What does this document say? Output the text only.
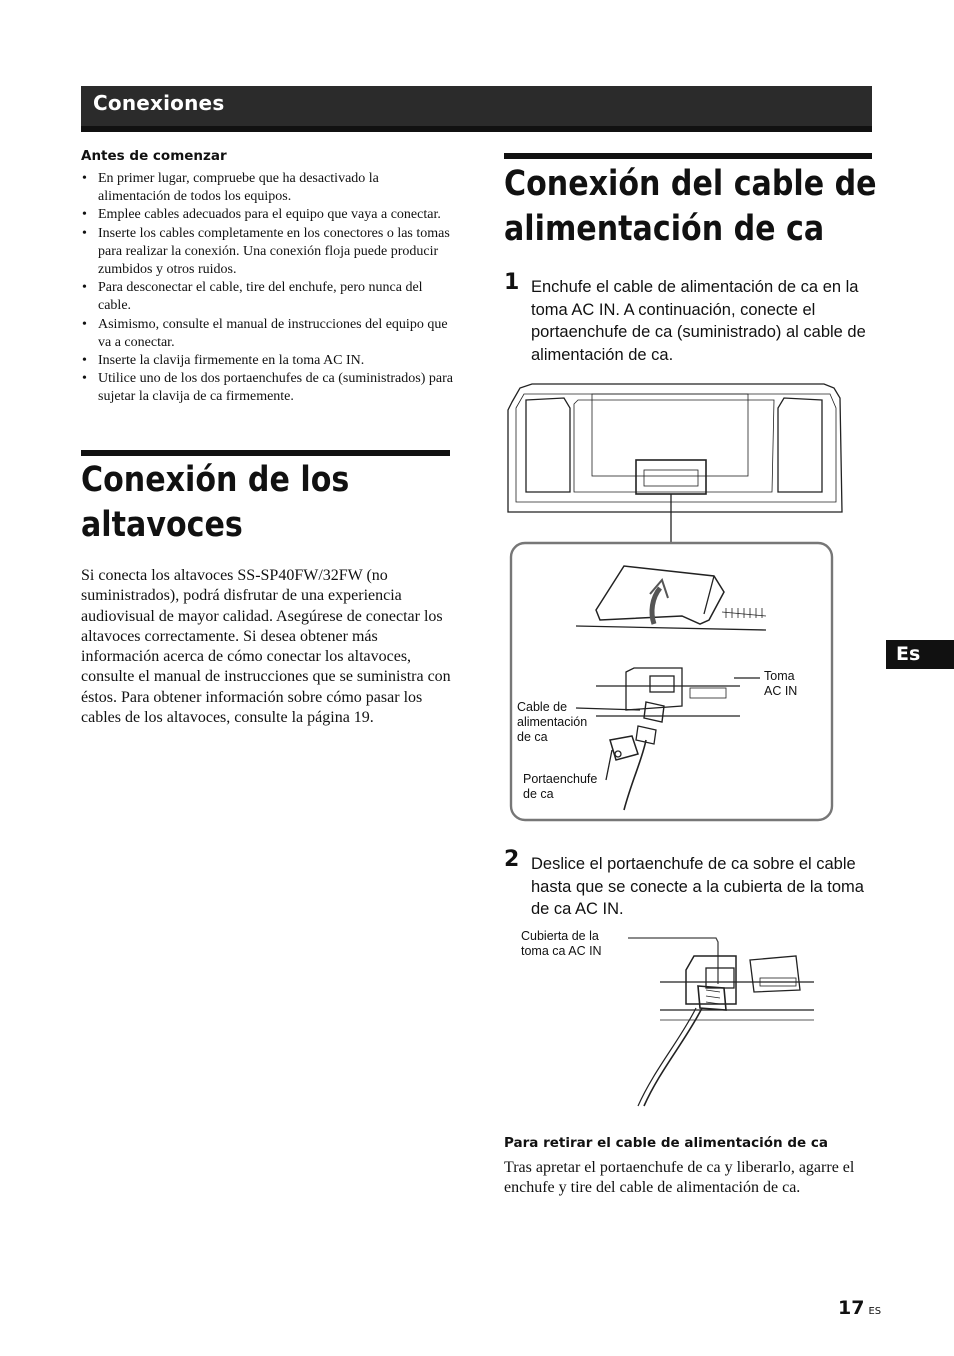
Conexiones
Antes de comenzar
• En primer lugar, compruebe que ha desactivado la alimentación de todos los equipos.
• Emplee cables adecuados para el equipo que vaya a conectar.
• Inserte los cables completamente en los conectores o las tomas para realizar la conexión. Una conexión floja puede producir zumbidos y otros ruidos.
• Para desconectar el cable, tire del enchufe, pero nunca del cable.
• Asimismo, consulte el manual de instrucciones del equipo que va a conectar.
• Inserte la clavija firmemente en la toma AC IN.
• Utilice uno de los dos portaenchufes de ca (suministrados) para sujetar la clavija de ca firmemente.
Conexión de los
altavoces
Si conecta los altavoces SS-SP40FW/32FW (no suministrados), podrá disfrutar de una experiencia audiovisual de mayor calidad. Asegúrese de conectar los altavoces correctamente. Si desea obtener más información acerca de cómo conectar los altavoces, consulte el manual de instrucciones que se suministra con éstos. Para obtener información sobre cómo pasar los cables de los altavoces, consulte la página 19.
Conexión del cable de
alimentación de ca
1 Enchufe el cable de alimentación de ca en la toma AC IN. A continuación, conecte el portaenchufe de ca (suministrado) al cable de alimentación de ca.
Toma
AC IN
Cable de
alimentación
de ca
Portaenchufe
de ca
2 Deslice el portaenchufe de ca sobre el cable hasta que se conecte a la cubierta de la toma de ca AC IN.
Cubierta de la
toma ca AC IN
Para retirar el cable de alimentación de ca
Tras apretar el portaenchufe de ca y liberarlo, agarre el enchufe y tire del cable de alimentación de ca.
Es
17 ES
